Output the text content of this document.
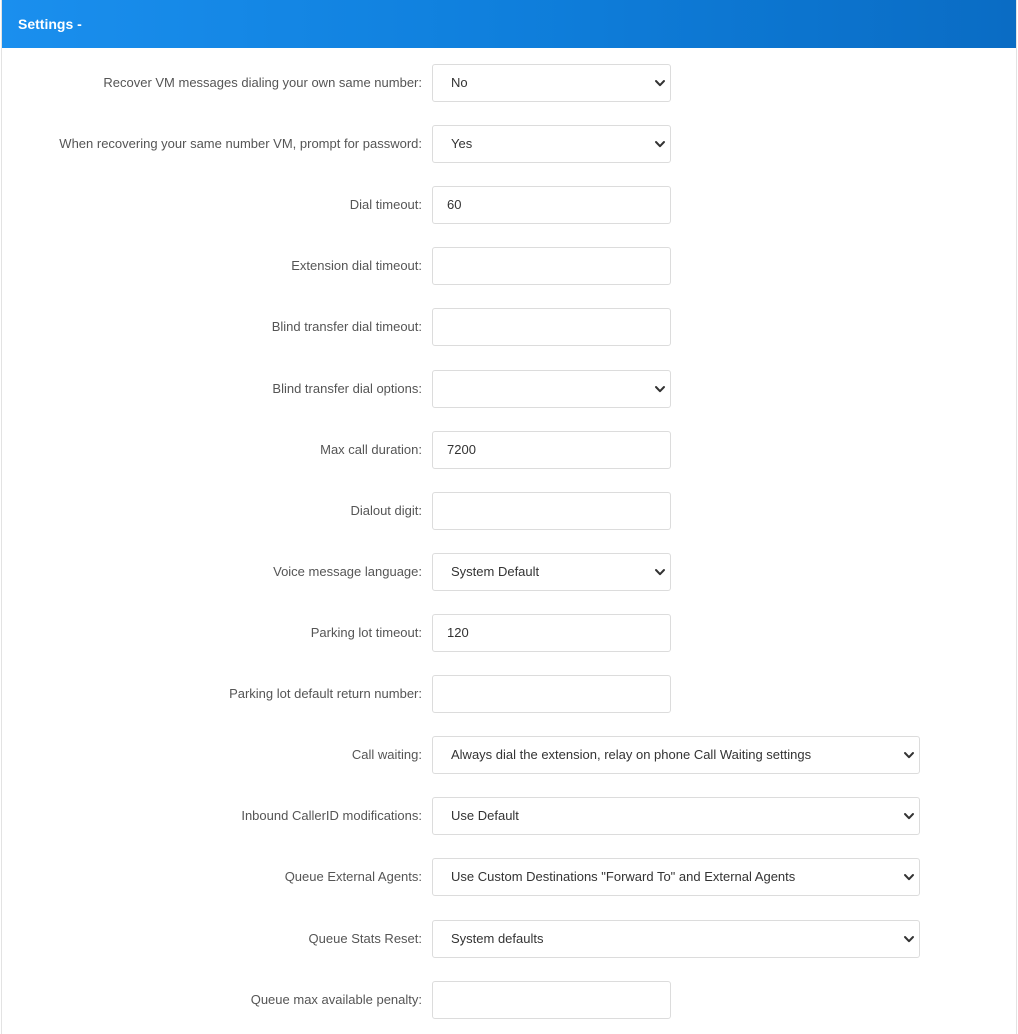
Settings -
Recover VM messages dialing your own same number: No
When recovering your same number VM, prompt for password: Yes
Dial timeout: 60
Extension dial timeout:
Blind transfer dial timeout:
Blind transfer dial options:
Max call duration: 7200
Dialout digit:
Voice message language: System Default
Parking lot timeout: 120
Parking lot default return number:
Call waiting: Always dial the extension, relay on phone Call Waiting settings
Inbound CallerID modifications: Use Default
Queue External Agents: Use Custom Destinations "Forward To" and External Agents
Queue Stats Reset: System defaults
Queue max available penalty:
